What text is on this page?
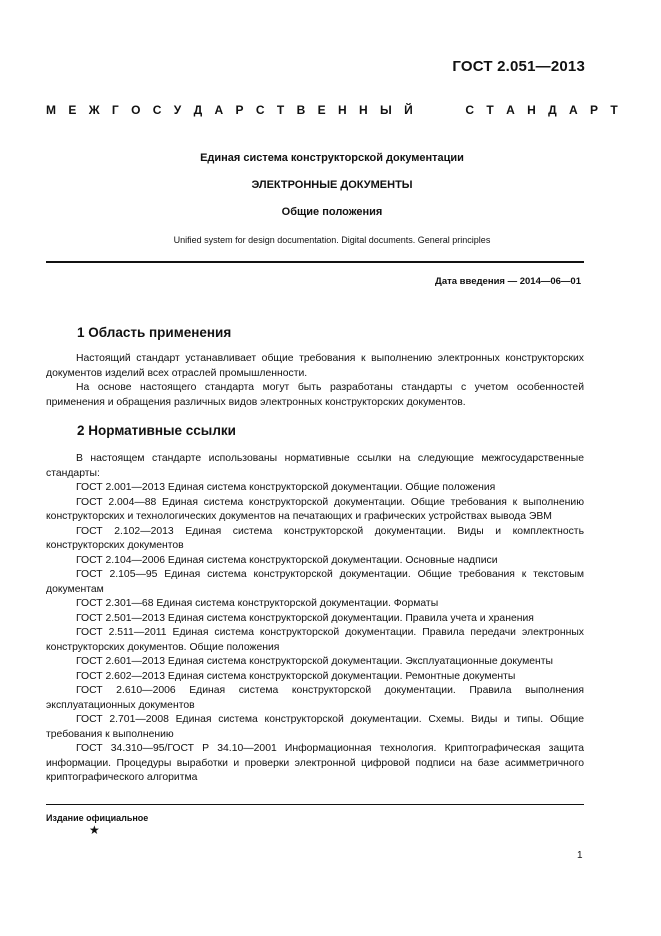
ГОСТ 2.051—2013
М Е Ж Г О С У Д А Р С Т В Е Н Н Ы Й	С Т А Н Д А Р Т
Единая система конструкторской документации
ЭЛЕКТРОННЫЕ ДОКУМЕНТЫ
Общие положения
Unified system for design documentation. Digital documents. General principles
Дата введения — 2014—06—01
1 Область применения

Настоящий стандарт устанавливает общие требования к выполнению электронных конструкторских документов изделий всех отраслей промышленности.

На основе настоящего стандарта могут быть разработаны стандарты с учетом особенностей применения и обращения различных видов электронных конструкторских документов.

2 Нормативные ссылки

В настоящем стандарте использованы нормативные ссылки на следующие межгосударственные стандарты:

ГОСТ 2.001—2013 Единая система конструкторской документации. Общие положения

ГОСТ 2.004—88 Единая система конструкторской документации. Общие требования к выполнению конструкторских и технологических документов на печатающих и графических устройствах вывода ЭВМ

ГОСТ 2.102—2013 Единая система конструкторской документации. Виды и комплектность конструкторских документов

ГОСТ 2.104—2006 Единая система конструкторской документации. Основные надписи

ГОСТ 2.105—95 Единая система конструкторской документации. Общие требования к текстовым документам

ГОСТ 2.301—68 Единая система конструкторской документации. Форматы

ГОСТ 2.501—2013 Единая система конструкторской документации. Правила учета и хранения

ГОСТ 2.511—2011 Единая система конструкторской документации. Правила передачи электронных конструкторских документов. Общие положения

ГОСТ 2.601—2013 Единая система конструкторской документации. Эксплуатационные документы

ГОСТ 2.602—2013 Единая система конструкторской документации. Ремонтные документы

ГОСТ 2.610—2006 Единая система конструкторской документации. Правила выполнения эксплуатационных документов

ГОСТ 2.701—2008 Единая система конструкторской документации. Схемы. Виды и типы. Общие требования к выполнению

ГОСТ 34.310—95/ГОСТ Р 34.10—2001 Информационная технология. Криптографическая защита информации. Процедуры выработки и проверки электронной цифровой подписи на базе асимметричного криптографического алгоритма

Издание официальное
★
1
